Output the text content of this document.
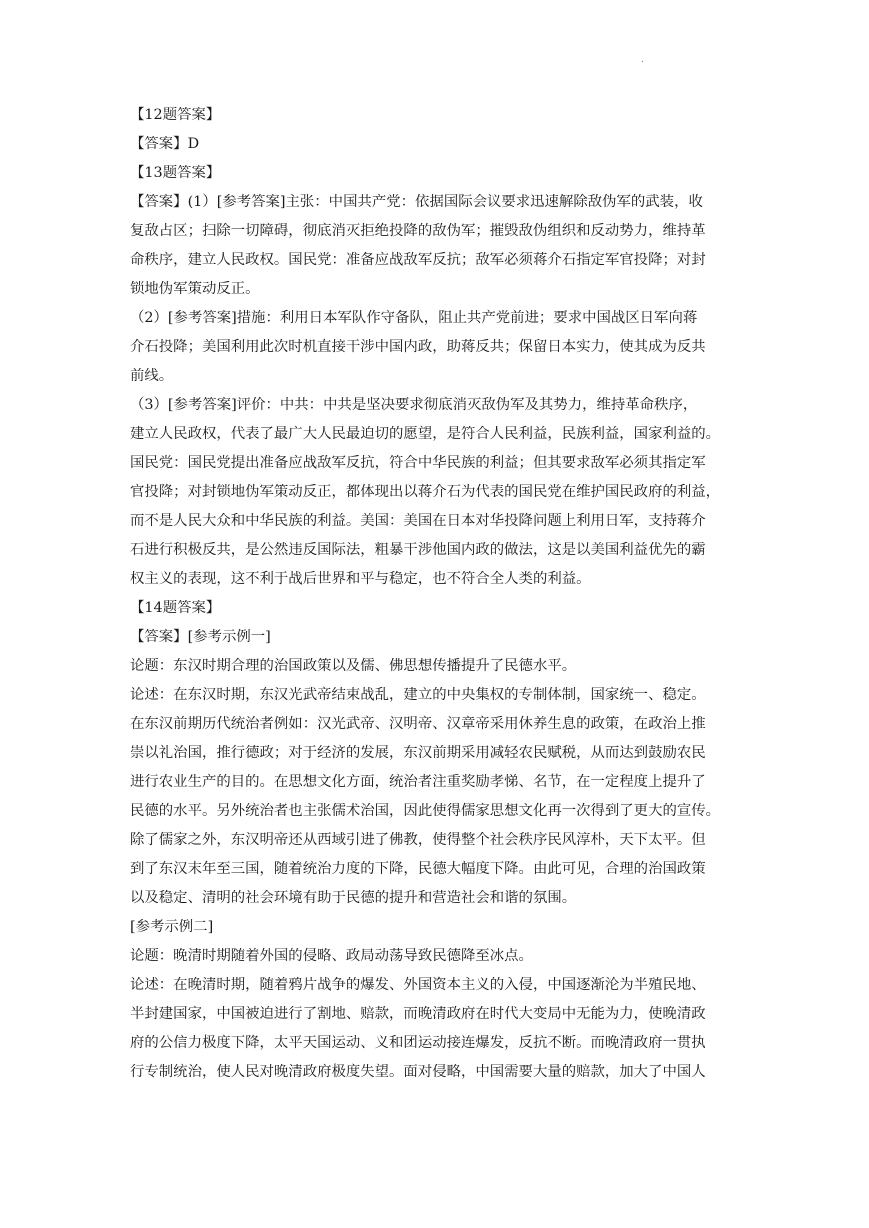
.

【12题答案】

【答案】D

【13题答案】

【答案】(1）[参考答案]主张：中国共产党：依据国际会议要求迅速解除敌伪军的武装，收

复敌占区；扫除一切障碍，彻底消灭拒绝投降的敌伪军；摧毁敌伪组织和反动势力，维持革

命秩序，建立人民政权。国民党：准备应战敌军反抗；敌军必须蒋介石指定军官投降；对封

锁地伪军策动反正。

（2）[参考答案]措施：利用日本军队作守备队，阻止共产党前进；要求中国战区日军向蒋

介石投降；美国利用此次时机直接干涉中国内政，助蒋反共；保留日本实力，使其成为反共

前线。

（3）[参考答案]评价：中共：中共是坚决要求彻底消灭敌伪军及其势力，维持革命秩序，

建立人民政权，代表了最广大人民最迫切的愿望，是符合人民利益，民族利益，国家利益的。

国民党：国民党提出准备应战敌军反抗，符合中华民族的利益；但其要求敌军必须其指定军

官投降；对封锁地伪军策动反正，都体现出以蒋介石为代表的国民党在维护国民政府的利益，

而不是人民大众和中华民族的利益。美国：美国在日本对华投降问题上利用日军，支持蒋介

石进行积极反共，是公然违反国际法，粗暴干涉他国内政的做法，这是以美国利益优先的霸

权主义的表现，这不利于战后世界和平与稳定，也不符合全人类的利益。

【14题答案】

【答案】[参考示例一]

论题：东汉时期合理的治国政策以及儒、佛思想传播提升了民德水平。

论述：在东汉时期，东汉光武帝结束战乱，建立的中央集权的专制体制，国家统一、稳定。

在东汉前期历代统治者例如：汉光武帝、汉明帝、汉章帝采用休养生息的政策，在政治上推

崇以礼治国，推行德政；对于经济的发展，东汉前期采用减轻农民赋税，从而达到鼓励农民

进行农业生产的目的。在思想文化方面，统治者注重奖励孝悌、名节，在一定程度上提升了

民德的水平。另外统治者也主张儒术治国，因此使得儒家思想文化再一次得到了更大的宣传。

除了儒家之外，东汉明帝还从西域引进了佛教，使得整个社会秩序民风淳朴，天下太平。但

到了东汉末年至三国，随着统治力度的下降，民德大幅度下降。由此可见，合理的治国政策

以及稳定、清明的社会环境有助于民德的提升和营造社会和谐的氛围。

[参考示例二]

论题：晚清时期随着外国的侵略、政局动荡导致民德降至冰点。

论述：在晚清时期，随着鸦片战争的爆发、外国资本主义的入侵，中国逐渐沦为半殖民地、

半封建国家，中国被迫进行了割地、赔款，而晚清政府在时代大变局中无能为力，使晚清政

府的公信力极度下降，太平天国运动、义和团运动接连爆发，反抗不断。而晚清政府一贯执

行专制统治，使人民对晚清政府极度失望。面对侵略，中国需要大量的赔款，加大了中国人
